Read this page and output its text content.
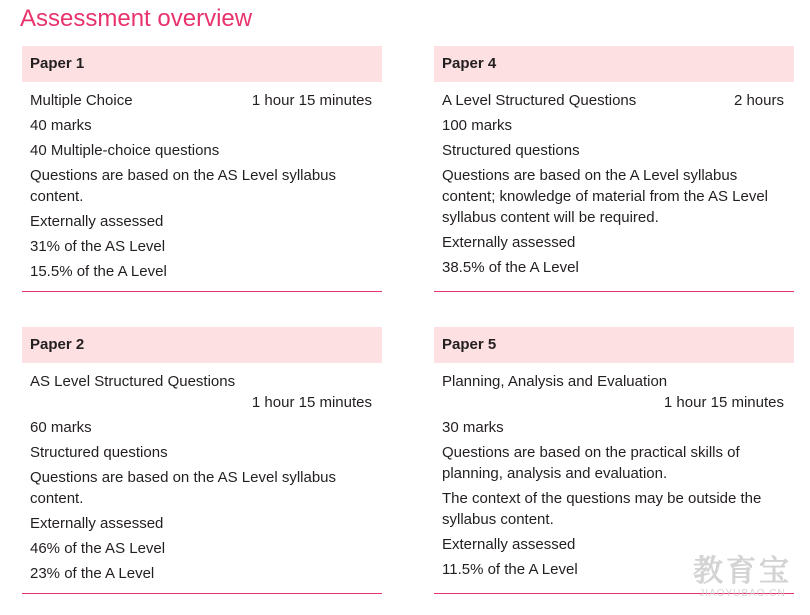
Assessment overview
Paper 1
Multiple Choice	1 hour 15 minutes
40 marks
40 Multiple-choice questions
Questions are based on the AS Level syllabus content.
Externally assessed
31% of the AS Level
15.5% of the A Level
Paper 4
A Level Structured Questions	2 hours
100 marks
Structured questions
Questions are based on the A Level syllabus content; knowledge of material from the AS Level syllabus content will be required.
Externally assessed
38.5% of the A Level
Paper 2
AS Level Structured Questions
1 hour 15 minutes
60 marks
Structured questions
Questions are based on the AS Level syllabus content.
Externally assessed
46% of the AS Level
23% of the A Level
Paper 5
Planning, Analysis and Evaluation
1 hour 15 minutes
30 marks
Questions are based on the practical skills of planning, analysis and evaluation.
The context of the questions may be outside the syllabus content.
Externally assessed
11.5% of the A Level	教育宝
JIAOYUBAO.CN
